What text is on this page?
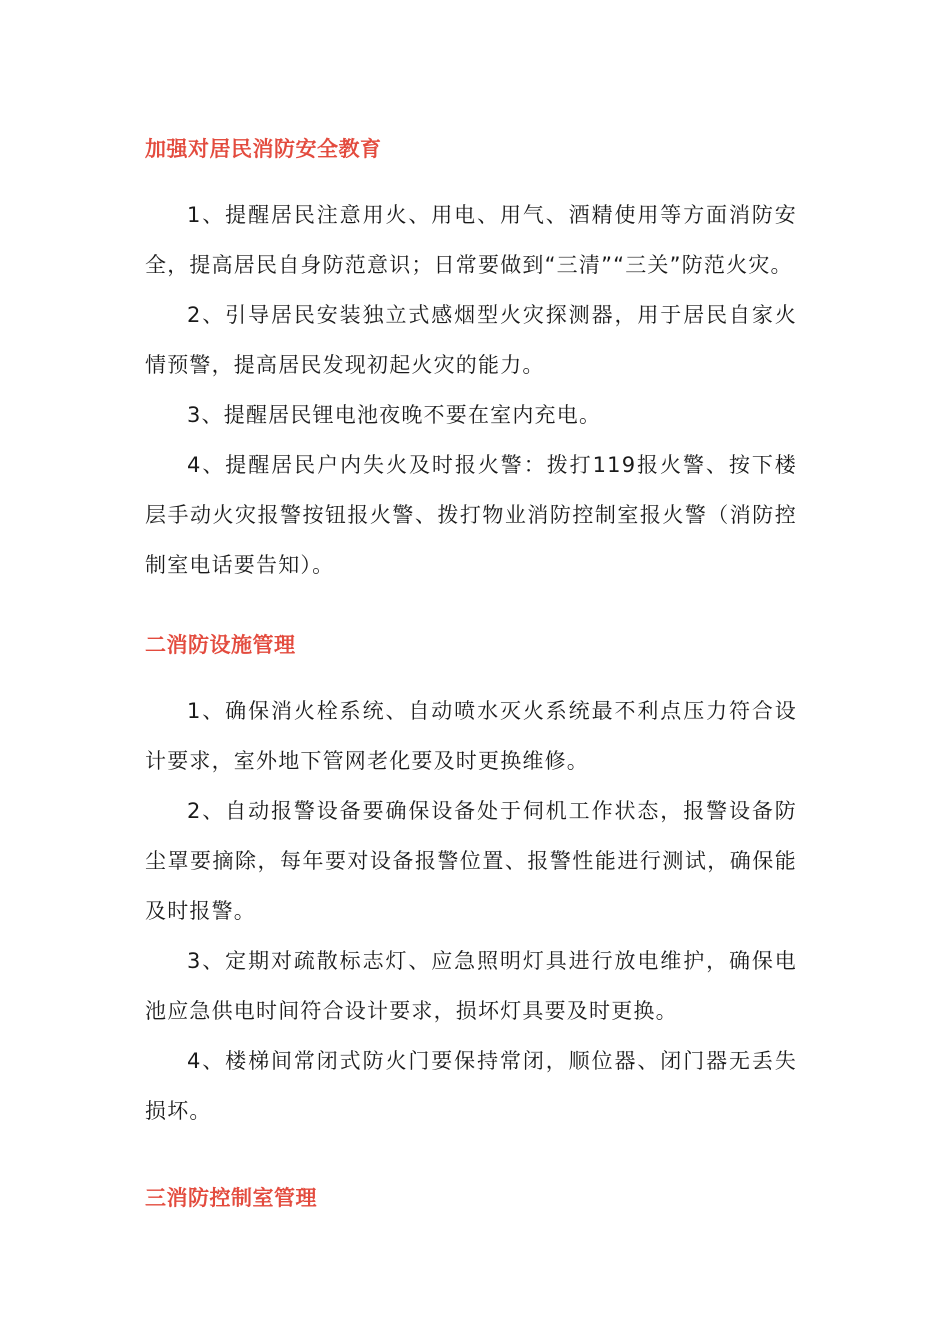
加强对居民消防安全教育

1、提醒居民注意用火、用电、用气、酒精使用等方面消防安全，提高居民自身防范意识；日常要做到“三清”“三关”防范火灾。

2、引导居民安装独立式感烟型火灾探测器，用于居民自家火情预警，提高居民发现初起火灾的能力。

3、提醒居民锂电池夜晚不要在室内充电。

4、提醒居民户内失火及时报火警：拨打119报火警、按下楼层手动火灾报警按钮报火警、拨打物业消防控制室报火警（消防控制室电话要告知）。

二消防设施管理

1、确保消火栓系统、自动喷水灭火系统最不利点压力符合设计要求，室外地下管网老化要及时更换维修。

2、自动报警设备要确保设备处于伺机工作状态，报警设备防尘罩要摘除，每年要对设备报警位置、报警性能进行测试，确保能及时报警。

3、定期对疏散标志灯、应急照明灯具进行放电维护，确保电池应急供电时间符合设计要求，损坏灯具要及时更换。

4、楼梯间常闭式防火门要保持常闭，顺位器、闭门器无丢失损坏。

三消防控制室管理
